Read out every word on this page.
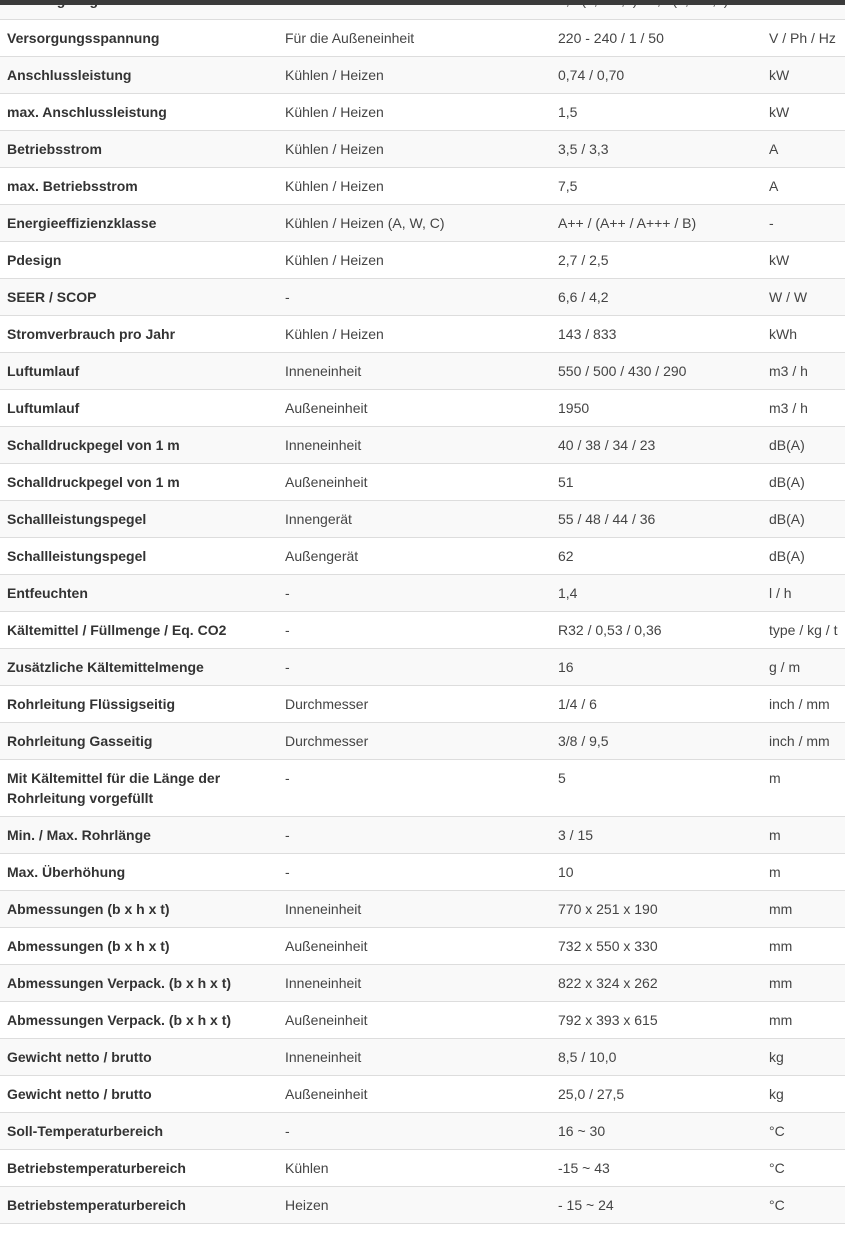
Versorgungsspannung	Für die Außeneinheit	220 - 240 / 1 / 50	V / Ph / Hz
Anschlussleistung	Kühlen / Heizen	0,74 / 0,70	kW
max. Anschlussleistung	Kühlen / Heizen	1,5	kW
Betriebsstrom	Kühlen / Heizen	3,5 / 3,3	A
max. Betriebsstrom	Kühlen / Heizen	7,5	A
Energieeffizienzklasse	Kühlen / Heizen (A, W, C)	A++ / (A++ / A+++ / B)	-
Pdesign	Kühlen / Heizen	2,7 / 2,5	kW
SEER / SCOP	-	6,6 / 4,2	W / W
Stromverbrauch pro Jahr	Kühlen / Heizen	143 / 833	kWh
Luftumlauf	Inneneinheit	550 / 500 / 430 / 290	m3 / h
Luftumlauf	Außeneinheit	1950	m3 / h
Schalldruckpegel von 1 m	Inneneinheit	40 / 38 / 34 / 23	dB(A)
Schalldruckpegel von 1 m	Außeneinheit	51	dB(A)
Schallleistungspegel	Innengerät	55 / 48 / 44 / 36	dB(A)
Schallleistungspegel	Außengerät	62	dB(A)
Entfeuchten	-	1,4	l / h
Kältemittel / Füllmenge / Eq. CO2	-	R32 / 0,53 / 0,36	type / kg / t
Zusätzliche Kältemittelmenge	-	16	g / m
Rohrleitung Flüssigseitig	Durchmesser	1/4 / 6	inch / mm
Rohrleitung Gasseitig	Durchmesser	3/8 / 9,5	inch / mm
Mit Kältemittel für die Länge der Rohrleitung vorgefüllt	-	5	m
Min. / Max. Rohrlänge	-	3 / 15	m
Max. Überhöhung	-	10	m
Abmessungen (b x h x t)	Inneneinheit	770 x 251 x 190	mm
Abmessungen (b x h x t)	Außeneinheit	732 x 550 x 330	mm
Abmessungen Verpack. (b x h x t)	Inneneinheit	822 x 324 x 262	mm
Abmessungen Verpack. (b x h x t)	Außeneinheit	792 x 393 x 615	mm
Gewicht netto / brutto	Inneneinheit	8,5 / 10,0	kg
Gewicht netto / brutto	Außeneinheit	25,0 / 27,5	kg
Soll-Temperaturbereich	-	16 ~ 30	°C
Betriebstemperaturbereich	Kühlen	-15 ~ 43	°C
Betriebstemperaturbereich	Heizen	- 15 ~ 24	°C
